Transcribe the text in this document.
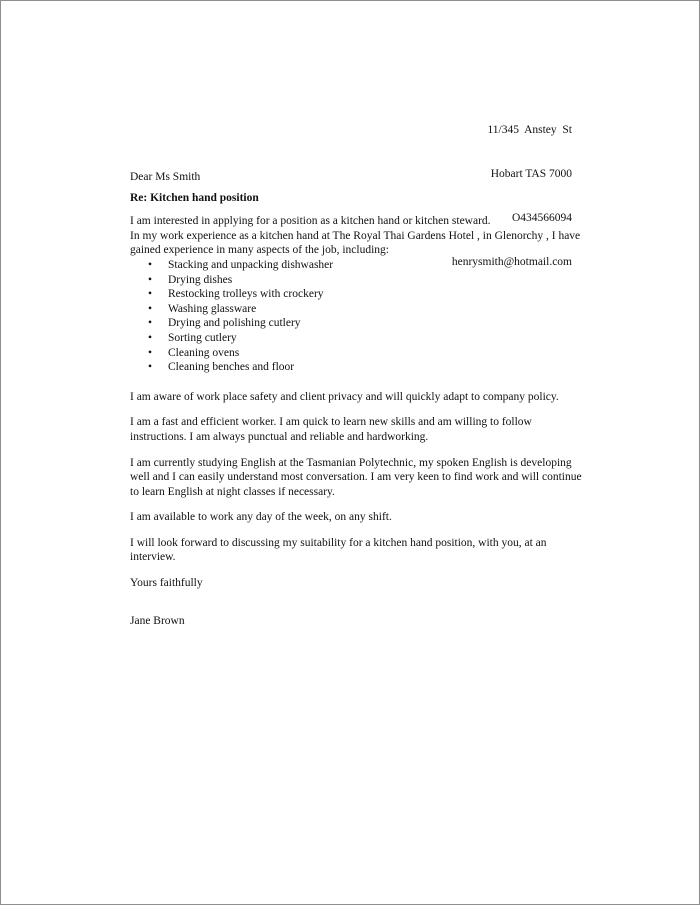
11/345  Anstey  St

Hobart TAS 7000

O434566094

henrysmith@hotmail.com

Dear Ms Smith

Re: Kitchen hand position

I am interested in applying for a position as a kitchen hand or kitchen steward.

In my work experience as a kitchen hand at The Royal Thai Gardens Hotel , in Glenorchy , I have gained experience in many aspects of the job, including:

• Stacking and unpacking dishwasher
• Drying dishes
• Restocking trolleys with crockery
• Washing glassware
• Drying and polishing cutlery
• Sorting cutlery
• Cleaning ovens
• Cleaning benches and floor

I am aware of work place safety and client privacy and will quickly adapt to company policy.

I am a fast and efficient worker. I am quick to learn new skills and am willing to follow instructions. I am always punctual and reliable and hardworking.

I am currently studying English at the Tasmanian Polytechnic, my spoken English is developing well and I can easily understand most conversation. I am very keen to find work and will continue to learn English at night classes if necessary.

I am available to work any day of the week, on any shift.

I will look forward to discussing my suitability for a kitchen hand position, with you, at an interview.

Yours faithfully

Jane Brown
